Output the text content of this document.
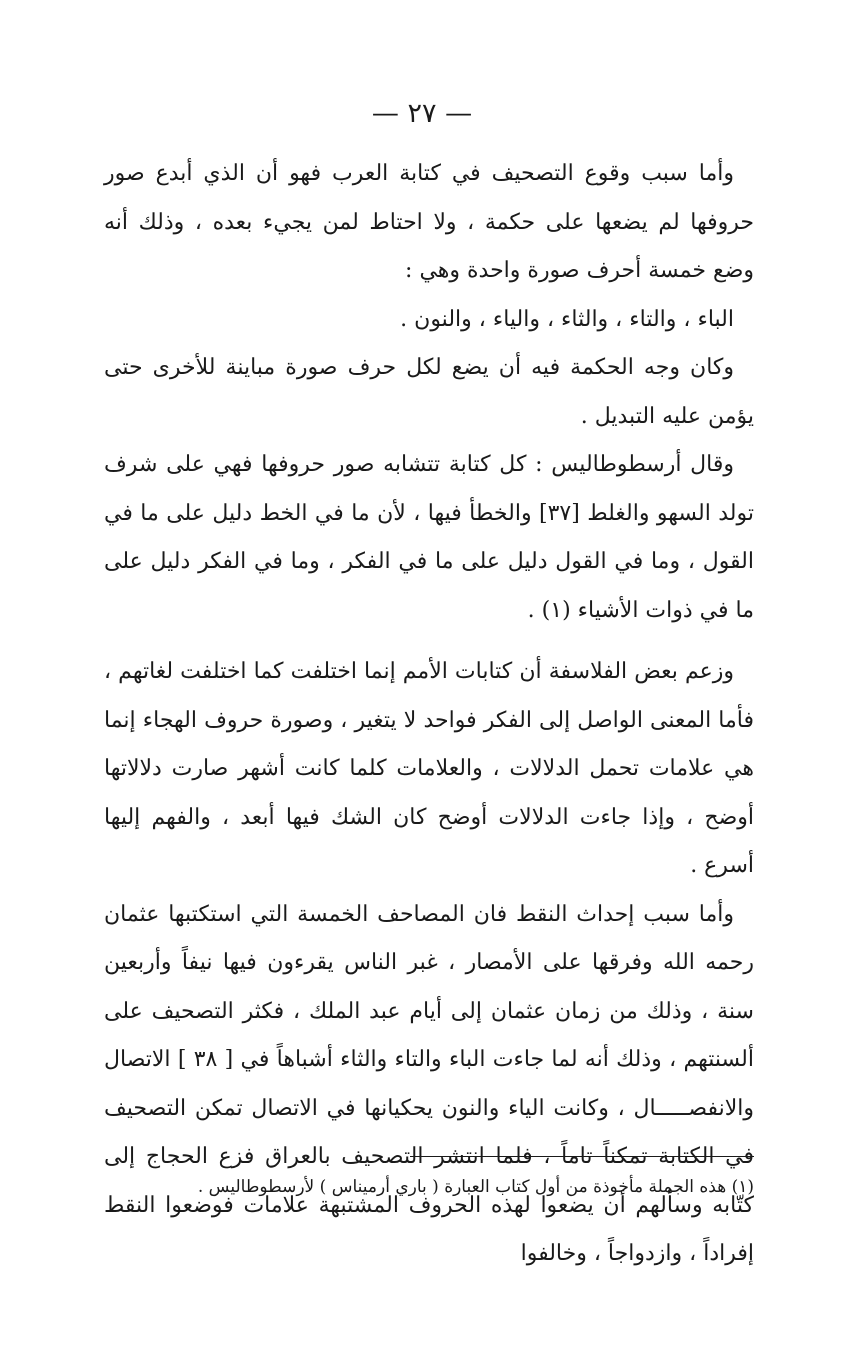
— ٢٧ —

وأما سبب وقوع التصحيف في كتابة العرب فهو أن الذي أبدع صور حروفها لم يضعها على حكمة ، ولا احتاط لمن يجيء بعده ، وذلك أنه وضع خمسة أحرف صورة واحدة وهي :

الباء ، والتاء ، والثاء ، والياء ، والنون .

وكان وجه الحكمة فيه أن يضع لكل حرف صورة مباينة للأخرى حتى يؤمن عليه التبديل .

وقال أرسطوطاليس : كل كتابة تتشابه صور حروفها فهي على شرف تولد السهو والغلط [٣٧] والخطأ فيها ، لأن ما في الخط دليل على ما في القول ، وما في القول دليل على ما في الفكر ، وما في الفكر دليل على ما في ذوات الأشياء (١) .

وزعم بعض الفلاسفة أن كتابات الأمم إنما اختلفت كما اختلفت لغاتهم ، فأما المعنى الواصل إلى الفكر فواحد لا يتغير ، وصورة حروف الهجاء إنما هي علامات تحمل الدلالات ، والعلامات كلما كانت أشهر صارت دلالاتها أوضح ، وإذا جاءت الدلالات أوضح كان الشك فيها أبعد ، والفهم إليها أسرع .

وأما سبب إحداث النقط فان المصاحف الخمسة التي استكتبها عثمان رحمه الله وفرقها على الأمصار ، غبر الناس يقرءون فيها نيفاً وأربعين سنة ، وذلك من زمان عثمان إلى أيام عبد الملك ، فكثر التصحيف على ألسنتهم ، وذلك أنه لما جاءت الباء والتاء والثاء أشباهاً في [ ٣٨ ] الاتصال والانفصـــــال ، وكانت الياء والنون يحكيانها في الاتصال تمكن التصحيف في الكتابة تمكناً تاماً ، فلما انتشر التصحيف بالعراق فزع الحجاج إلى كتّابه وسألهم أن يضعوا لهذه الحروف المشتبهة علامات فوضعوا النقط إفراداً ، وازدواجاً ، وخالفوا

(١) هذه الجملة مأخوذة من أول كتاب العبارة ( باري أرميناس ) لأرسطوطاليس .
